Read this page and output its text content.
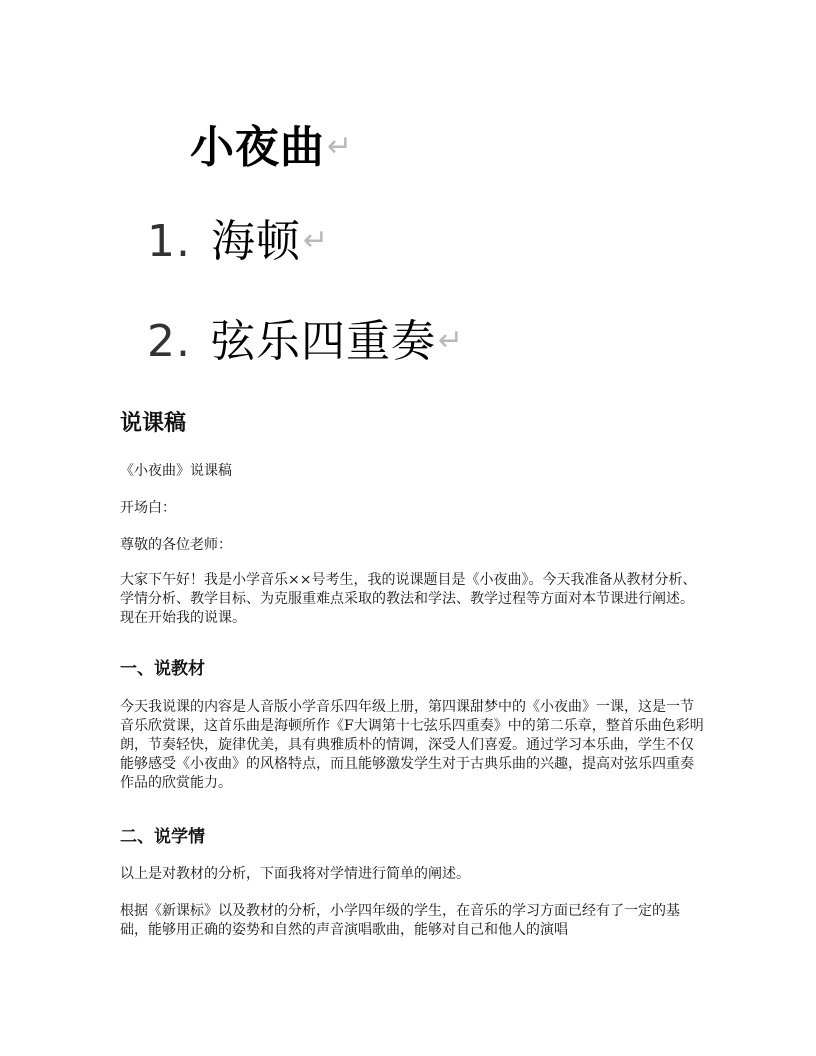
小夜曲↵
1. 海顿↵
2. 弦乐四重奏↵
说课稿

《小夜曲》说课稿

开场白：

尊敬的各位老师：

大家下午好！我是小学音乐××号考生，我的说课题目是《小夜曲》。今天我准备从教材分析、学情分析、教学目标、为克服重难点采取的教法和学法、教学过程等方面对本节课进行阐述。现在开始我的说课。

一、说教材

今天我说课的内容是人音版小学音乐四年级上册，第四课甜梦中的《小夜曲》一课，这是一节音乐欣赏课，这首乐曲是海顿所作《F大调第十七弦乐四重奏》中的第二乐章，整首乐曲色彩明朗，节奏轻快，旋律优美，具有典雅质朴的情调，深受人们喜爱。通过学习本乐曲，学生不仅能够感受《小夜曲》的风格特点，而且能够激发学生对于古典乐曲的兴趣，提高对弦乐四重奏作品的欣赏能力。

二、说学情

以上是对教材的分析，下面我将对学情进行简单的阐述。

根据《新课标》以及教材的分析，小学四年级的学生，在音乐的学习方面已经有了一定的基础，能够用正确的姿势和自然的声音演唱歌曲，能够对自己和他人的演唱
